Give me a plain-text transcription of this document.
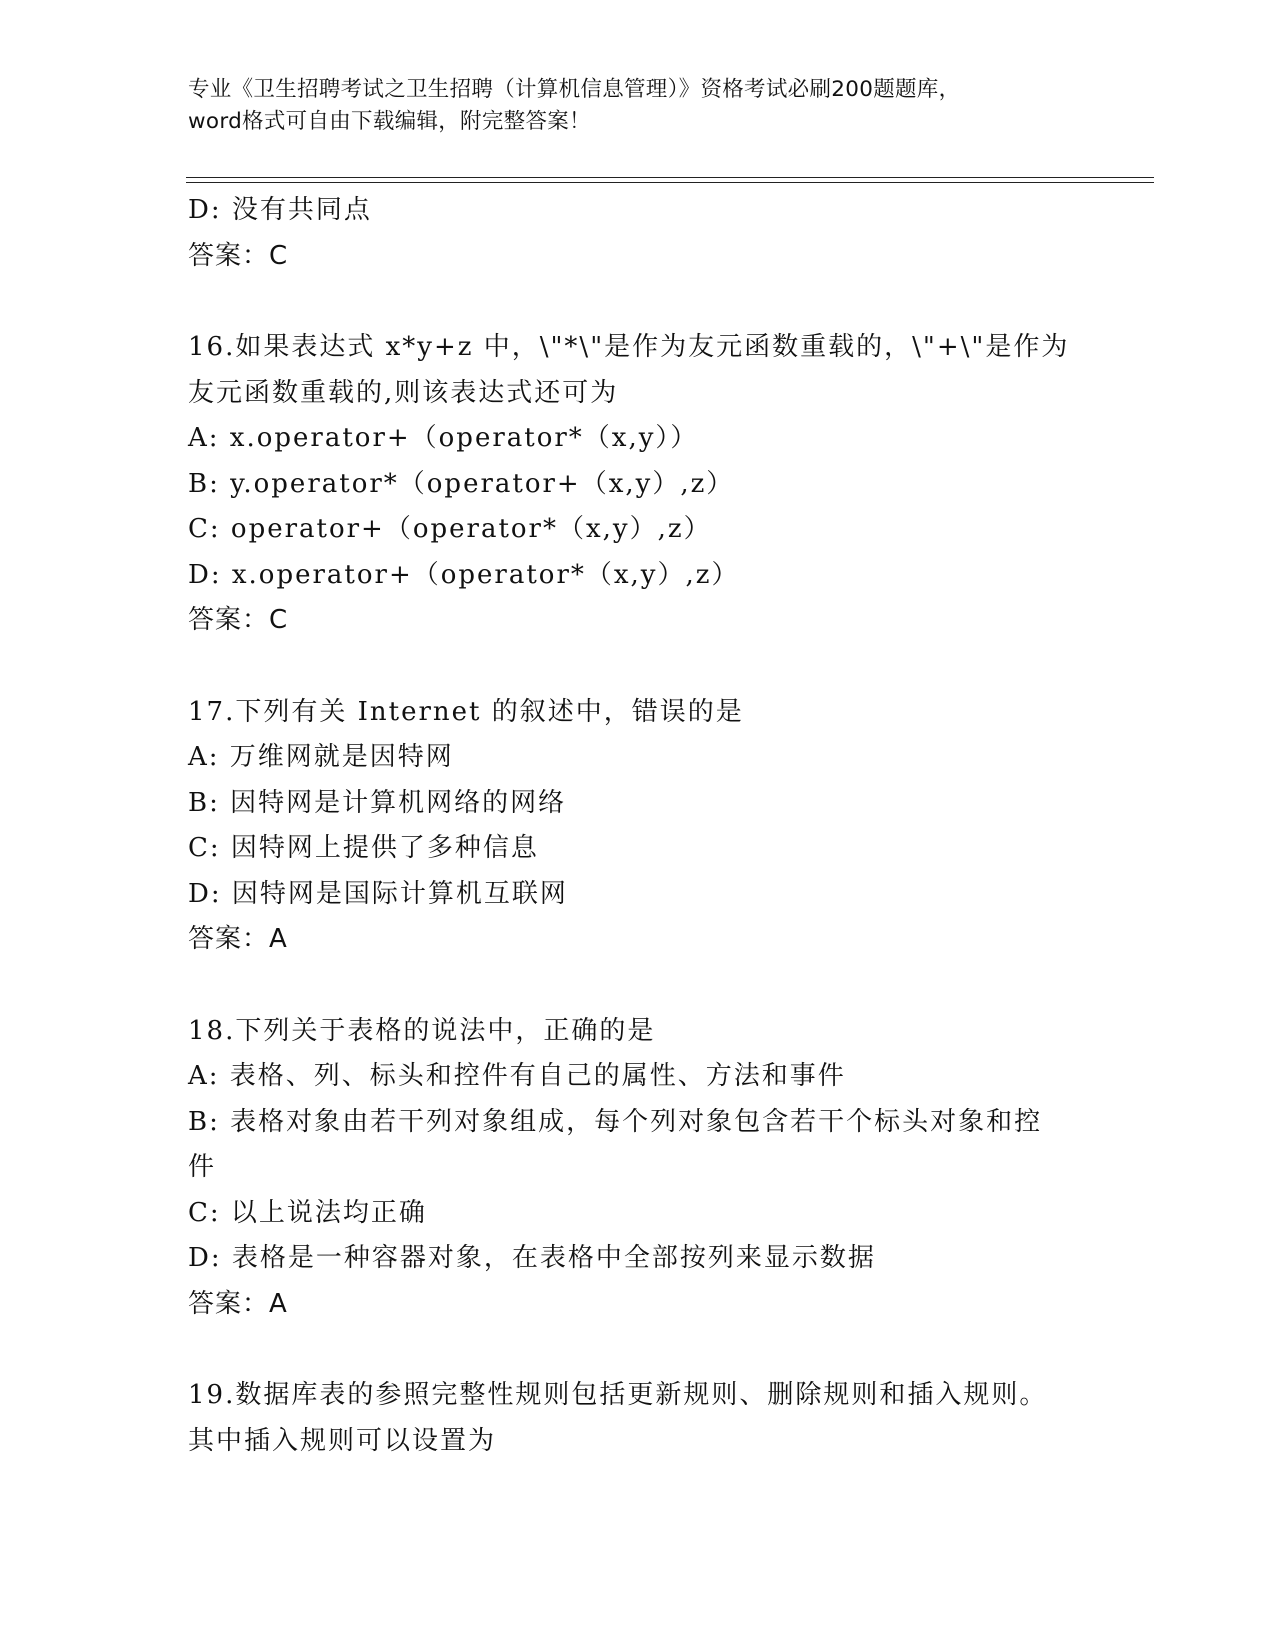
专业《卫生招聘考试之卫生招聘（计算机信息管理）》资格考试必刷200题题库，
word格式可自由下载编辑，附完整答案！
D: 没有共同点
答案：C
16.如果表达式 x*y+z 中，\"*\"是作为友元函数重载的，\"+\"是作为
友元函数重载的,则该表达式还可为
A: x.operator+（operator*（x,y））
B: y.operator*（operator+（x,y）,z）
C: operator+（operator*（x,y）,z）
D: x.operator+（operator*（x,y）,z）
答案：C
17.下列有关 Internet 的叙述中，错误的是
A: 万维网就是因特网
B: 因特网是计算机网络的网络
C: 因特网上提供了多种信息
D: 因特网是国际计算机互联网
答案：A
18.下列关于表格的说法中，正确的是
A: 表格、列、标头和控件有自己的属性、方法和事件
B: 表格对象由若干列对象组成，每个列对象包含若干个标头对象和控
件
C: 以上说法均正确
D: 表格是一种容器对象，在表格中全部按列来显示数据
答案：A
19.数据库表的参照完整性规则包括更新规则、删除规则和插入规则。
其中插入规则可以设置为
